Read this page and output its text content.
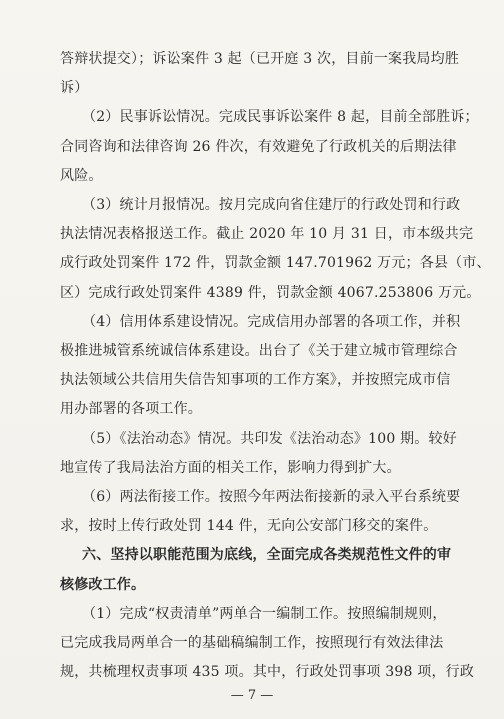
答辩状提交）；诉讼案件 3 起（已开庭 3 次，目前一案我局均胜
诉）
（2）民事诉讼情况。完成民事诉讼案件 8 起，目前全部胜诉；
合同咨询和法律咨询 26 件次，有效避免了行政机关的后期法律
风险。
（3）统计月报情况。按月完成向省住建厅的行政处罚和行政
执法情况表格报送工作。截止 2020 年 10 月 31 日，市本级共完
成行政处罚案件 172 件，罚款金额 147.701962 万元；各县（市、
区）完成行政处罚案件 4389 件，罚款金额 4067.253806 万元。
（4）信用体系建设情况。完成信用办部署的各项工作，并积
极推进城管系统诚信体系建设。出台了《关于建立城市管理综合
执法领域公共信用失信告知事项的工作方案》，并按照完成市信
用办部署的各项工作。
（5）《法治动态》情况。共印发《法治动态》100 期。较好
地宣传了我局法治方面的相关工作，影响力得到扩大。
（6）两法衔接工作。按照今年两法衔接新的录入平台系统要
求，按时上传行政处罚 144 件，无向公安部门移交的案件。
六、坚持以职能范围为底线，全面完成各类规范性文件的审
核修改工作。
（1）完成“权责清单”两单合一编制工作。按照编制规则，
已完成我局两单合一的基础稿编制工作，按照现行有效法律法
规，共梳理权责事项 435 项。其中，行政处罚事项 398 项，行政
— 7 —
